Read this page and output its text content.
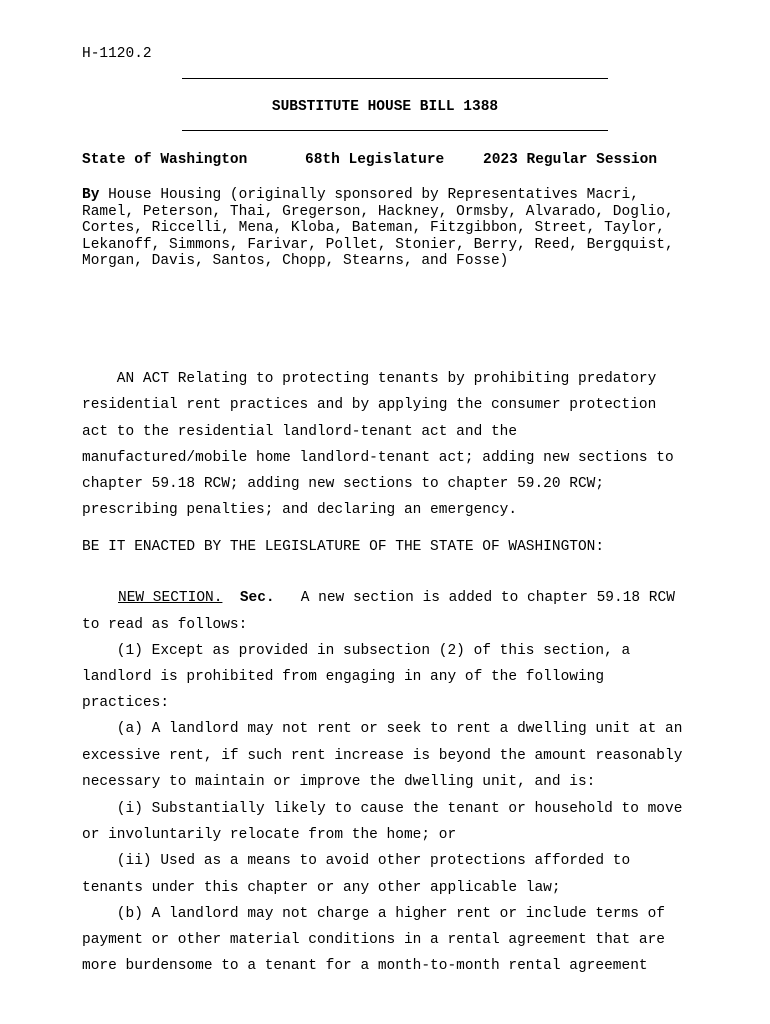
H-1120.2
SUBSTITUTE HOUSE BILL 1388
State of Washington	68th Legislature	2023 Regular Session
By House Housing (originally sponsored by Representatives Macri,
Ramel, Peterson, Thai, Gregerson, Hackney, Ormsby, Alvarado, Doglio,
Cortes, Riccelli, Mena, Kloba, Bateman, Fitzgibbon, Street, Taylor,
Lekanoff, Simmons, Farivar, Pollet, Stonier, Berry, Reed, Bergquist,
Morgan, Davis, Santos, Chopp, Stearns, and Fosse)
AN ACT Relating to protecting tenants by prohibiting predatory
residential rent practices and by applying the consumer protection
act to the residential landlord-tenant act and the
manufactured/mobile home landlord-tenant act; adding new sections to
chapter 59.18 RCW; adding new sections to chapter 59.20 RCW;
prescribing penalties; and declaring an emergency.
BE IT ENACTED BY THE LEGISLATURE OF THE STATE OF WASHINGTON:
NEW SECTION. Sec. A new section is added to chapter 59.18 RCW
to read as follows:
(1) Except as provided in subsection (2) of this section, a
landlord is prohibited from engaging in any of the following
practices:
(a) A landlord may not rent or seek to rent a dwelling unit at an
excessive rent, if such rent increase is beyond the amount reasonably
necessary to maintain or improve the dwelling unit, and is:
(i) Substantially likely to cause the tenant or household to move
or involuntarily relocate from the home; or
(ii) Used as a means to avoid other protections afforded to
tenants under this chapter or any other applicable law;
(b) A landlord may not charge a higher rent or include terms of
payment or other material conditions in a rental agreement that are
more burdensome to a tenant for a month-to-month rental agreement
